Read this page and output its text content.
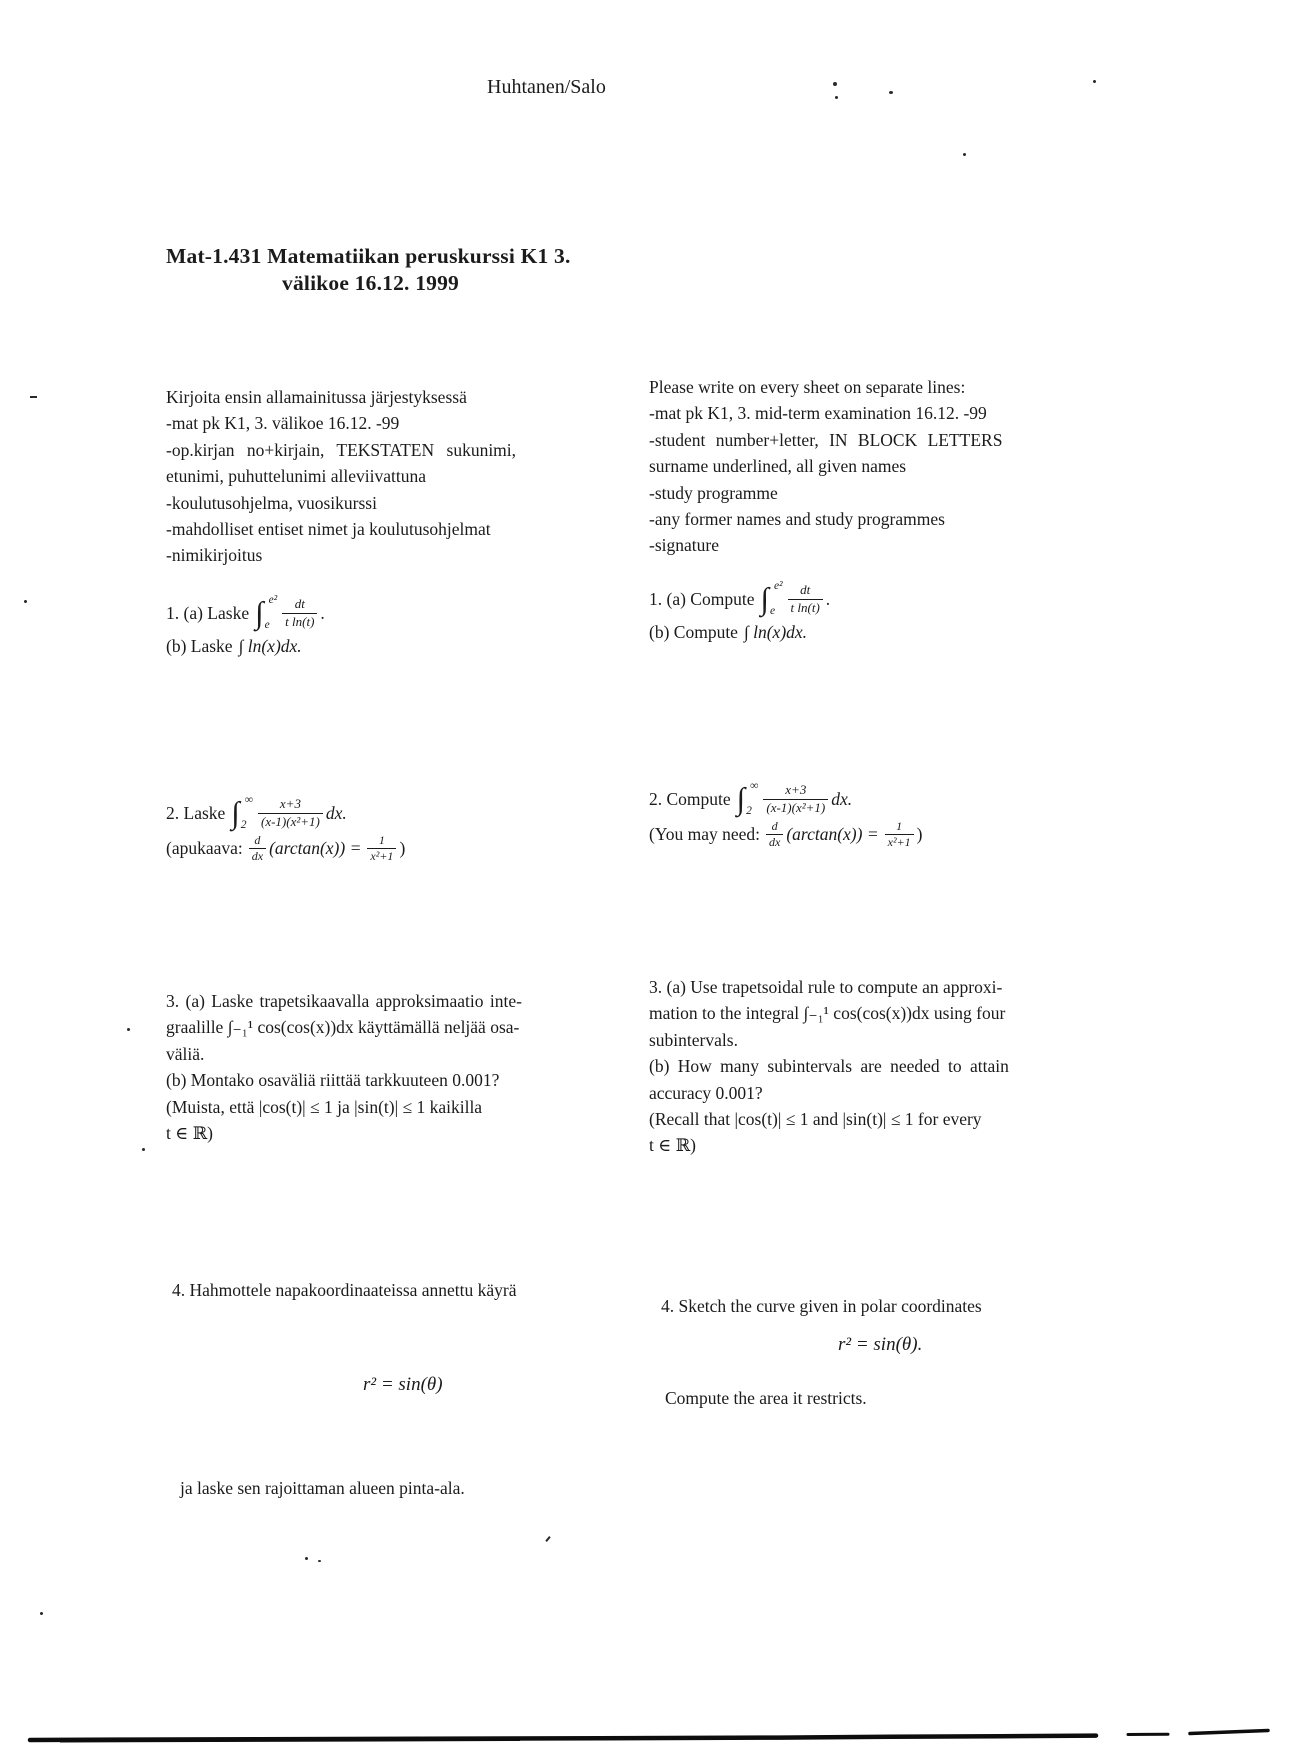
Huhtanen/Salo
Mat-1.431 Matematiikan peruskurssi K1 3.
välikoe 16.12. 1999
Kirjoita ensin allamainitussa järjestyksessä
-mat pk K1, 3. välikoe 16.12. -99
-op.kirjan no+kirjain, TEKSTATEN sukunimi,
etunimi, puhuttelunimi alleviivattuna
-koulutusohjelma, vuosikurssi
-mahdolliset entiset nimet ja koulutusohjelmat
-nimikirjoitus
Please write on every sheet on separate lines:
-mat pk K1, 3. mid-term examination 16.12. -99
-student number+letter, IN BLOCK LETTERS
surname underlined, all given names
-study programme
-any former names and study programmes
-signature
1. (a) Laske ∫ e²
e $\frac{dt}{\text{t ln(t)}}$ .
(b) Laske ∫ ln(x)dx.
1. (a) Compute ∫ e²
e $\frac{dt}{\text{t ln(t)}}$ .
(b) Compute ∫ ln(x)dx.
2. Laske ∫ ∞
$2 \frac{x+3}{\text{(x-1)(x²+1)}}$ dx.
(apukaava: $\frac{d}{dx} (\arctan(x)) = \frac{1}{\text{x²+1}}$ )
2. Compute ∫ ∞
$2 \frac{x+3}{\text{(x-1)(x²+1)}}$ dx.
(You may need: $\frac{d}{dx} (\arctan(x)) = \frac{1}{\text{x²+1}}$ )
3. (a) Laske trapetsikaavalla approksimaatio inte-
graalille ∫₋₁¹ cos(cos(x))dx käyttämällä neljää osa-
väliä.
(b) Montako osaväliä riittää tarkkuuteen 0.001?
(Muista, että |cos(t)| ≤ 1 ja |sin(t)| ≤ 1 kaikilla
t ∈ ℝ)
3. (a) Use trapetsoidal rule to compute an approxi-
mation to the integral ∫₋₁¹ cos(cos(x))dx using four
subintervals.
(b) How many subintervals are needed to attain
accuracy 0.001?
(Recall that |cos(t)| ≤ 1 and |sin(t)| ≤ 1 for every
t ∈ ℝ)
4. Hahmottele napakoordinaateissa annettu käyrä
r² = sin(θ)
ja laske sen rajoittaman alueen pinta-ala.
4. Sketch the curve given in polar coordinates
r² = sin(θ).
Compute the area it restricts.
